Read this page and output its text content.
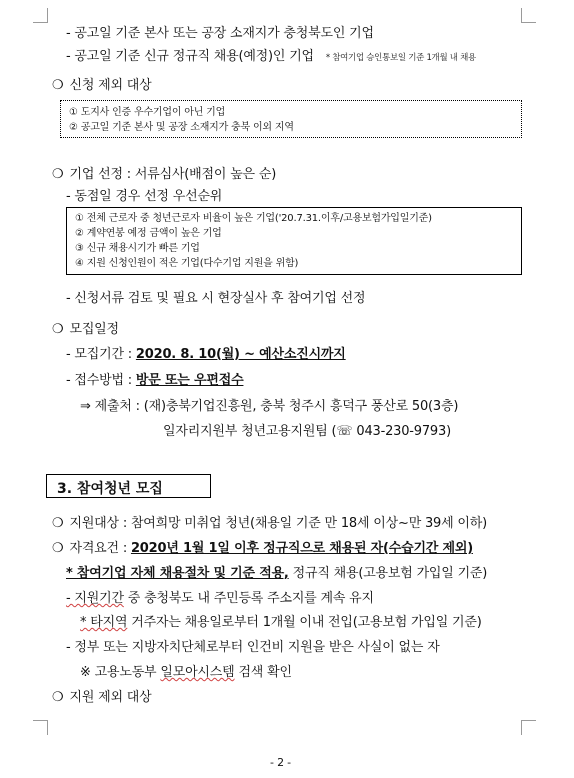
- 공고일 기준 본사 또는 공장 소재지가 충청북도인 기업
- 공고일 기준 신규 정규직 채용(예정)인 기업 * 참여기업 승인통보일 기준 1개월 내 채용
❍ 신청 제외 대상
① 도지사 인증 우수기업이 아닌 기업
② 공고일 기준 본사 및 공장 소재지가 충북 이외 지역
❍ 기업 선정 : 서류심사(배점이 높은 순)
- 동점일 경우 선정 우선순위
① 전체 근로자 중 청년근로자 비율이 높은 기업('20.7.31.이후/고용보험가입일기준)
② 계약연봉 예정 금액이 높은 기업
③ 신규 채용시기가 빠른 기업
④ 지원 신청인원이 적은 기업(다수기업 지원을 위함)
- 신청서류 검토 및 필요 시 현장실사 후 참여기업 선정
❍ 모집일정
- 모집기간 : 2020. 8. 10(월) ~ 예산소진시까지
- 접수방법 : 방문 또는 우편접수
⇒ 제출처 : (재)충북기업진흥원, 충북 청주시 흥덕구 풍산로 50(3층)
일자리지원부 청년고용지원팀 (☏ 043-230-9793)
3. 참여청년 모집
❍ 지원대상 : 참여희망 미취업 청년(채용일 기준 만 18세 이상~만 39세 이하)
❍ 자격요건 : 2020년 1월 1일 이후 정규직으로 채용된 자(수습기간 제외)
* 참여기업 자체 채용절차 및 기준 적용, 정규직 채용(고용보험 가입일 기준)
- 지원기간 중 충청북도 내 주민등록 주소지를 계속 유지
* 타지역 거주자는 채용일로부터 1개월 이내 전입(고용보험 가입일 기준)
- 정부 또는 지방자치단체로부터 인건비 지원을 받은 사실이 없는 자
※ 고용노동부 일모아시스템 검색 확인
❍ 지원 제외 대상
- 2 -
